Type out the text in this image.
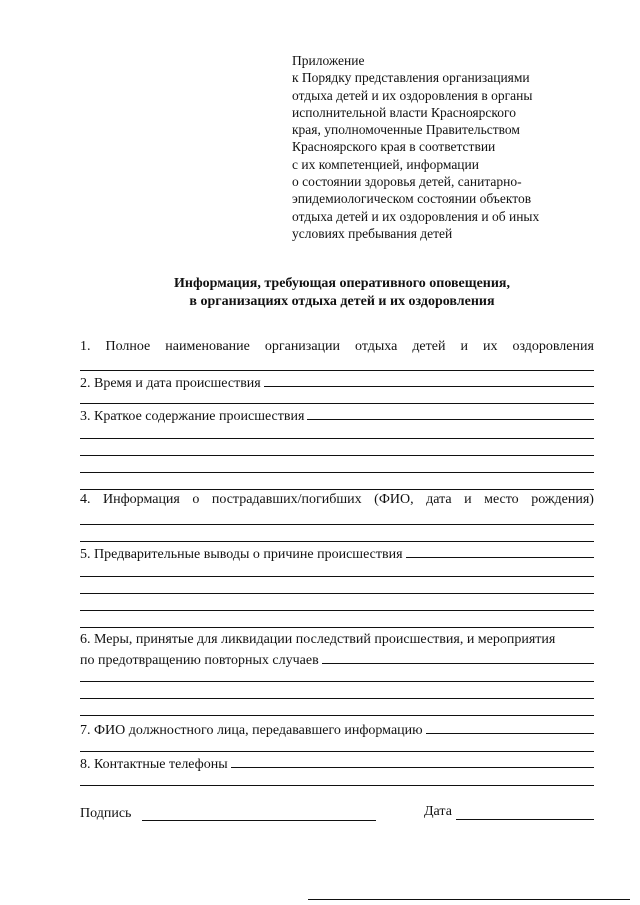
Приложение
к Порядку представления организациями
отдыха детей и их оздоровления в органы
исполнительной власти Красноярского
края, уполномоченные Правительством
Красноярского края в соответствии
с их компетенцией, информации
о состоянии здоровья детей, санитарно-
эпидемиологическом состоянии объектов
отдыха детей и их оздоровления и об иных
условиях пребывания детей
Информация, требующая оперативного оповещения,
в организациях отдыха детей и их оздоровления
1. Полное наименование организации отдыха детей и их оздоровления
2. Время и дата происшествия
3. Краткое содержание происшествия
4. Информация о пострадавших/погибших (ФИО, дата и место рождения)
5. Предварительные выводы о причине происшествия
6. Меры, принятые для ликвидации последствий происшествия, и мероприятия
по предотвращению повторных случаев
7. ФИО должностного лица, передававшего информацию
8. Контактные телефоны
Подпись	Дата
